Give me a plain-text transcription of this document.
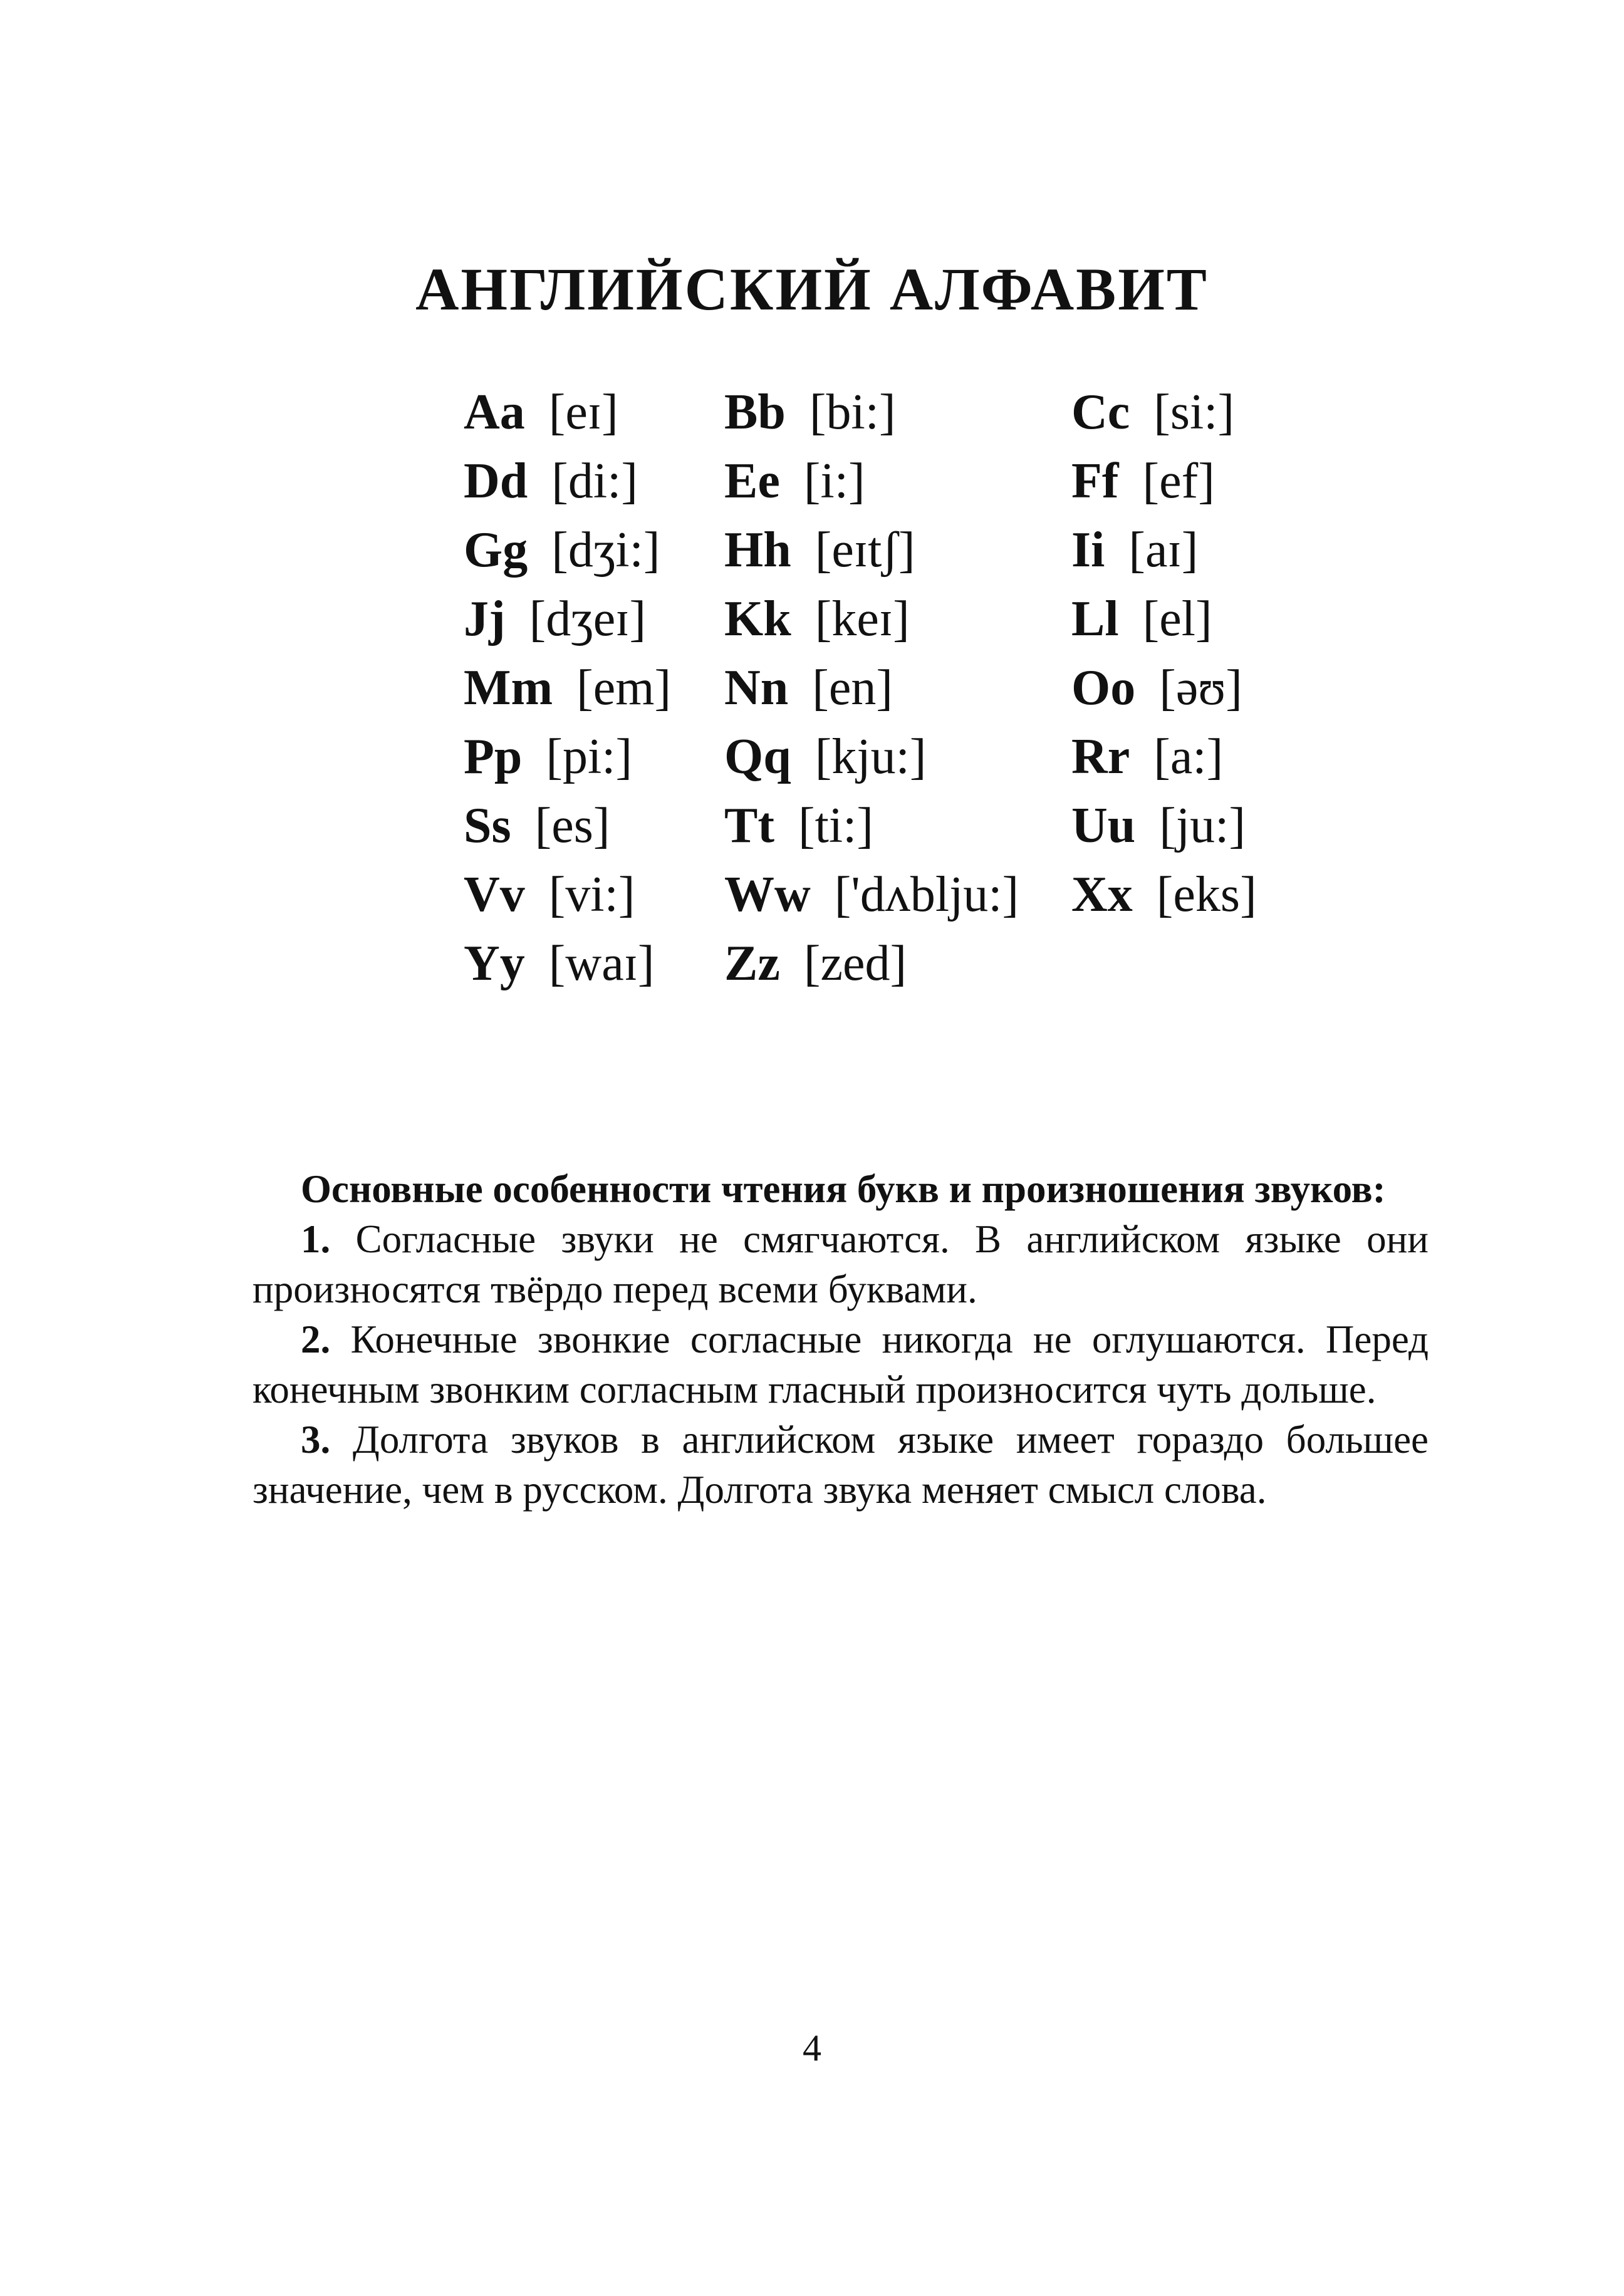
АНГЛИЙСКИЙ АЛФАВИТ
Aa [eɪ] Bb [bi:]	Cc [si:]
Dd [di:] Ee [i:]	Ff [ef]
Gg [dʒi:] Hh [eɪtʃ]	Ii [aɪ]
Jj [dʒeɪ] Kk [keɪ]	Ll [el]
Mm [em] Nn [en]	Oo [əʊ]
Pp [pi:] Qq [kju:]	Rr [a:]
Ss [es] Tt [ti:]	Uu [ju:]
Vv [vi:] Ww ['dʌblju:] Xx [eks]
Yy [waɪ] Zz [zed]

Основные особенности чтения букв и произношения звуков:

1. Согласные звуки не смягчаются. В английском языке они произносятся твёрдо перед всеми буквами.

2. Конечные звонкие согласные никогда не оглушаются. Перед конечным звонким согласным гласный произносится чуть дольше.

3. Долгота звуков в английском языке имеет гораздо большее значение, чем в русском. Долгота звука меняет смысл слова.

4
